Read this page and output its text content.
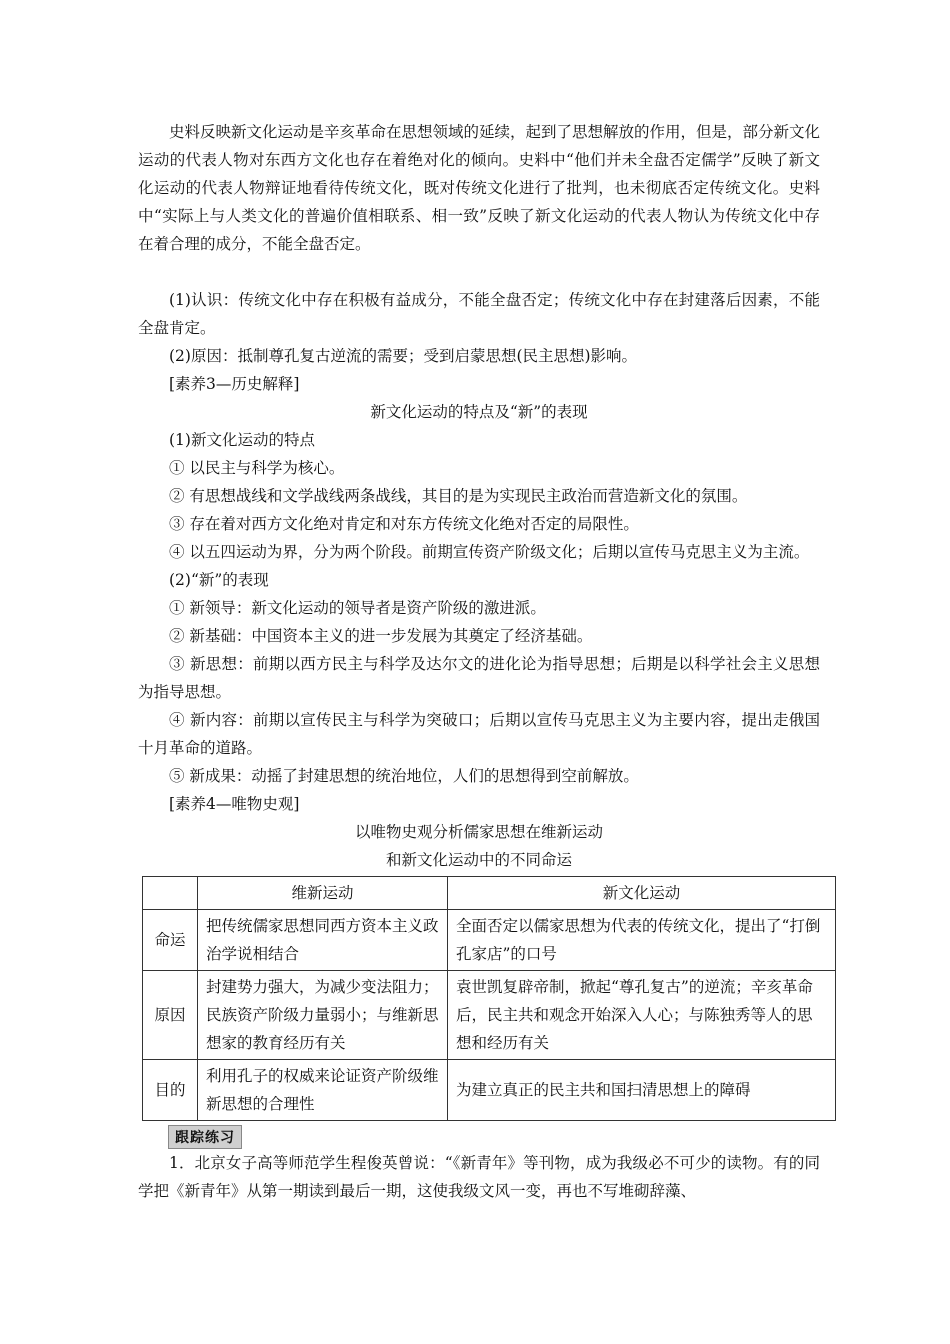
史料反映新文化运动是辛亥革命在思想领域的延续，起到了思想解放的作用，但是，部分新文化运动的代表人物对东西方文化也存在着绝对化的倾向。史料中“他们并未全盘否定儒学”反映了新文化运动的代表人物辩证地看待传统文化，既对传统文化进行了批判，也未彻底否定传统文化。史料中“实际上与人类文化的普遍价值相联系、相一致”反映了新文化运动的代表人物认为传统文化中存在着合理的成分，不能全盘否定。

(1)认识：传统文化中存在积极有益成分，不能全盘否定；传统文化中存在封建落后因素，不能全盘肯定。

(2)原因：抵制尊孔复古逆流的需要；受到启蒙思想(民主思想)影响。

[素养3—历史解释]

新文化运动的特点及“新”的表现

(1)新文化运动的特点

① 以民主与科学为核心。

② 有思想战线和文学战线两条战线，其目的是为实现民主政治而营造新文化的氛围。

③ 存在着对西方文化绝对肯定和对东方传统文化绝对否定的局限性。

④ 以五四运动为界，分为两个阶段。前期宣传资产阶级文化；后期以宣传马克思主义为主流。

(2)“新”的表现

① 新领导：新文化运动的领导者是资产阶级的激进派。

② 新基础：中国资本主义的进一步发展为其奠定了经济基础。

③ 新思想：前期以西方民主与科学及达尔文的进化论为指导思想；后期是以科学社会主义思想为指导思想。

④ 新内容：前期以宣传民主与科学为突破口；后期以宣传马克思主义为主要内容，提出走俄国十月革命的道路。

⑤ 新成果：动摇了封建思想的统治地位，人们的思想得到空前解放。

[素养4—唯物史观]

以唯物史观分析儒家思想在维新运动

和新文化运动中的不同命运

	维新运动	新文化运动
命运	把传统儒家思想同西方资本主义政治学说相结合	全面否定以儒家思想为代表的传统文化，提出了“打倒孔家店”的口号
原因	封建势力强大，为减少变法阻力；民族资产阶级力量弱小；与维新思想家的教育经历有关	袁世凯复辟帝制，掀起“尊孔复古”的逆流；辛亥革命后，民主共和观念开始深入人心；与陈独秀等人的思想和经历有关
目的	利用孔子的权威来论证资产阶级维新思想的合理性	为建立真正的民主共和国扫清思想上的障碍
跟踪练习

1．北京女子高等师范学生程俊英曾说：“《新青年》等刊物，成为我级必不可少的读物。有的同学把《新青年》从第一期读到最后一期，这使我级文风一变，再也不写堆砌辞藻、
